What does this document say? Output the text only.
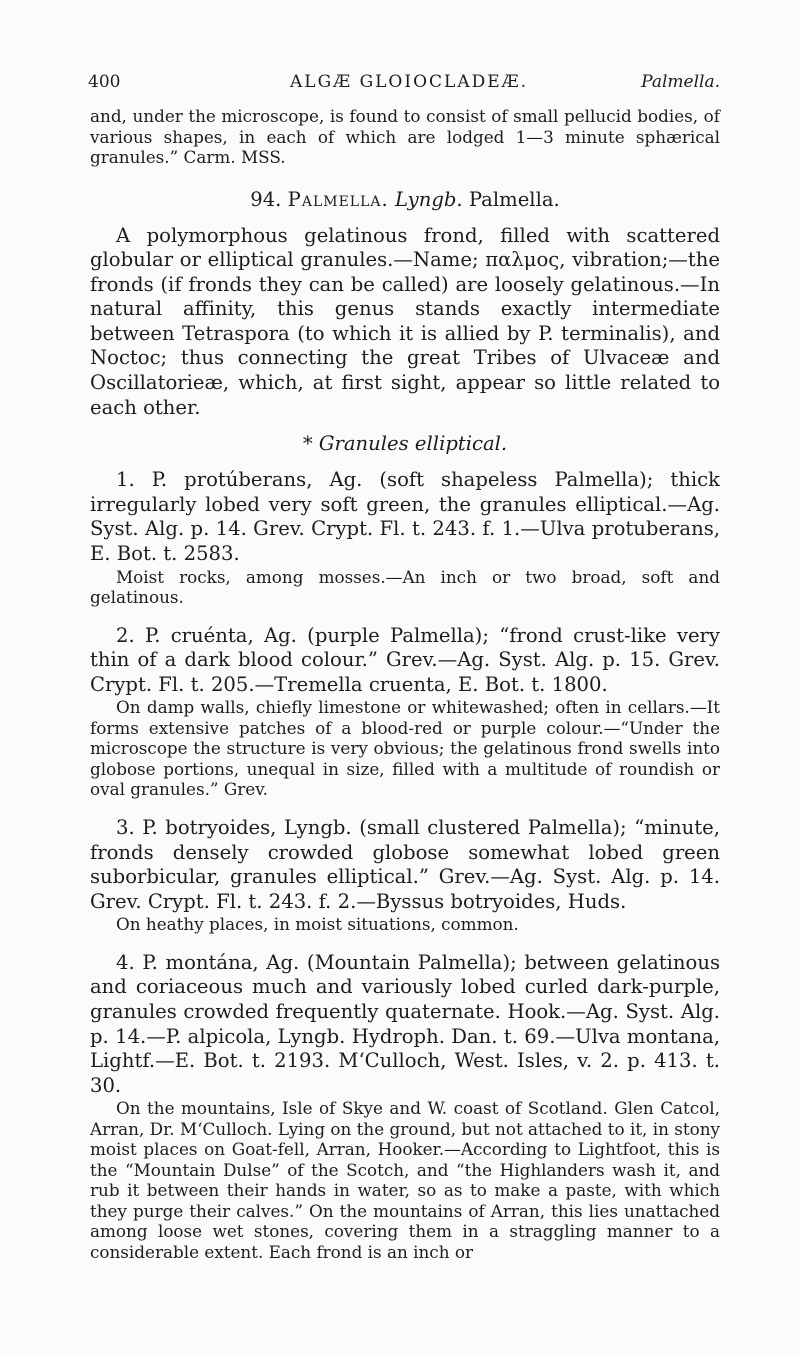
400	ALGÆ GLOIOCLADEÆ.	Palmella.

and, under the microscope, is found to consist of small pellucid bodies, of various shapes, in each of which are lodged 1—3 minute sphærical granules.” Carm. MSS.

94. Palmella. Lyngb. Palmella.

A polymorphous gelatinous frond, filled with scattered globular or elliptical granules.—Name; παλμος, vibration;—the fronds (if fronds they can be called) are loosely gelatinous.—In natural affinity, this genus stands exactly intermediate between Tetraspora (to which it is allied by P. terminalis), and Noctoc; thus connecting the great Tribes of Ulvaceæ and Oscillatorieæ, which, at first sight, appear so little related to each other.

* Granules elliptical.

1. P. protúberans, Ag. (soft shapeless Palmella); thick irregularly lobed very soft green, the granules elliptical.—Ag. Syst. Alg. p. 14. Grev. Crypt. Fl. t. 243. f. 1.—Ulva protuberans, E. Bot. t. 2583.

Moist rocks, among mosses.—An inch or two broad, soft and gelatinous.

2. P. cruénta, Ag. (purple Palmella); “frond crust-like very thin of a dark blood colour.” Grev.—Ag. Syst. Alg. p. 15. Grev. Crypt. Fl. t. 205.—Tremella cruenta, E. Bot. t. 1800.

On damp walls, chiefly limestone or whitewashed; often in cellars.—It forms extensive patches of a blood-red or purple colour.—“Under the microscope the structure is very obvious; the gelatinous frond swells into globose portions, unequal in size, filled with a multitude of roundish or oval granules.” Grev.

3. P. botryoides, Lyngb. (small clustered Palmella); “minute, fronds densely crowded globose somewhat lobed green suborbicular, granules elliptical.” Grev.—Ag. Syst. Alg. p. 14. Grev. Crypt. Fl. t. 243. f. 2.—Byssus botryoides, Huds.

On heathy places, in moist situations, common.

4. P. montána, Ag. (Mountain Palmella); between gelatinous and coriaceous much and variously lobed curled dark-purple, granules crowded frequently quaternate. Hook.—Ag. Syst. Alg. p. 14.—P. alpicola, Lyngb. Hydroph. Dan. t. 69.—Ulva montana, Lightf.—E. Bot. t. 2193. M‘Culloch, West. Isles, v. 2. p. 413. t. 30.

On the mountains, Isle of Skye and W. coast of Scotland. Glen Catcol, Arran, Dr. M‘Culloch. Lying on the ground, but not attached to it, in stony moist places on Goat-fell, Arran, Hooker.—According to Lightfoot, this is the “Mountain Dulse” of the Scotch, and “the Highlanders wash it, and rub it between their hands in water, so as to make a paste, with which they purge their calves.” On the mountains of Arran, this lies unattached among loose wet stones, covering them in a straggling manner to a considerable extent. Each frond is an inch or
